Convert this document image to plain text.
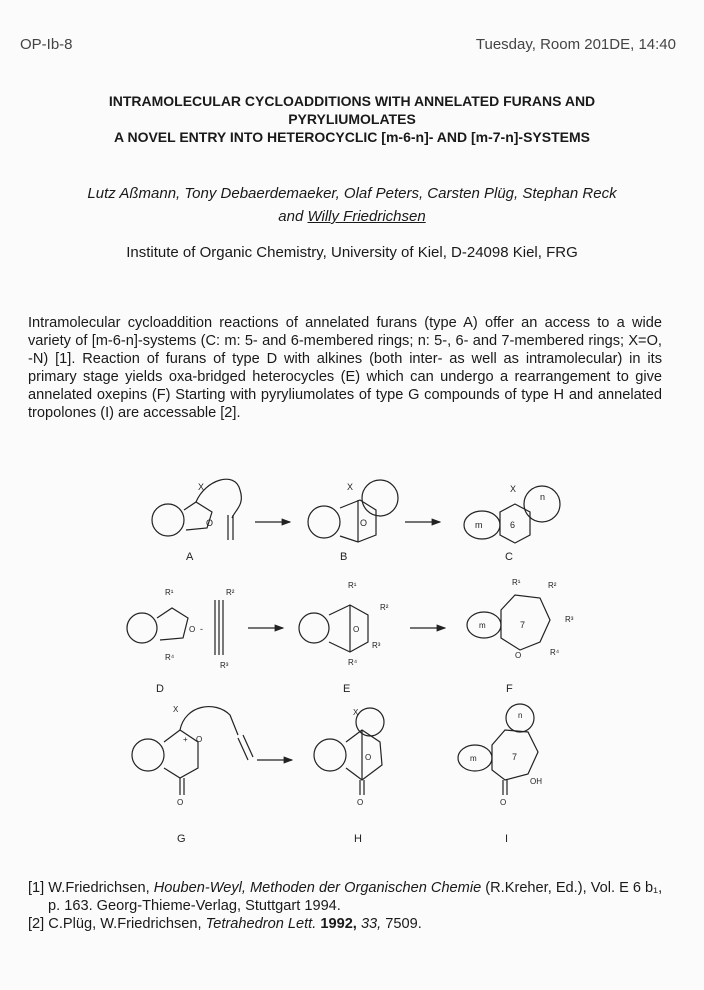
OP-Ib-8	Tuesday, Room 201DE, 14:40
INTRAMOLECULAR CYCLOADDITIONS WITH ANNELATED FURANS AND
PYRYLIUMOLATES
A NOVEL ENTRY INTO HETEROCYCLIC [m-6-n]- AND [m-7-n]-SYSTEMS
Lutz Aßmann, Tony Debaerdemaeker, Olaf Peters, Carsten Plüg, Stephan Reck
and Willy Friedrichsen
Institute of Organic Chemistry, University of Kiel, D-24098 Kiel, FRG
Intramolecular cycloaddition reactions of annelated furans (type A) offer an access to a wide variety of [m-6-n]-systems (C: m: 5- and 6-membered rings; n: 5-, 6- and 7-membered rings; X=O, -N) [1]. Reaction of furans of type D with alkines (both inter- as well as intramolecular) in its primary stage yields oxa-bridged heterocycles (E) which can undergo a rearrangement to give annelated oxepins (F) Starting with pyryliumolates of type G compounds of type H and annelated tropolones (I) are accessable [2].
X
O
X
O	m	6
X
n
A	B	C
R¹
O
R⁴
-
R²
R³
R¹
R²
O
R³
R⁴
m	7
R¹	R²
R³
R⁴
O
D	E	F
X
+ O
O
X
O
O
m	7
n
OH
O
G	H	I
[1] W.Friedrichsen, Houben-Weyl, Methoden der Organischen Chemie (R.Kreher, Ed.), Vol. E 6 b₁, p. 163. Georg-Thieme-Verlag, Stuttgart 1994.
[2] C.Plüg, W.Friedrichsen, Tetrahedron Lett. 1992, 33, 7509.
